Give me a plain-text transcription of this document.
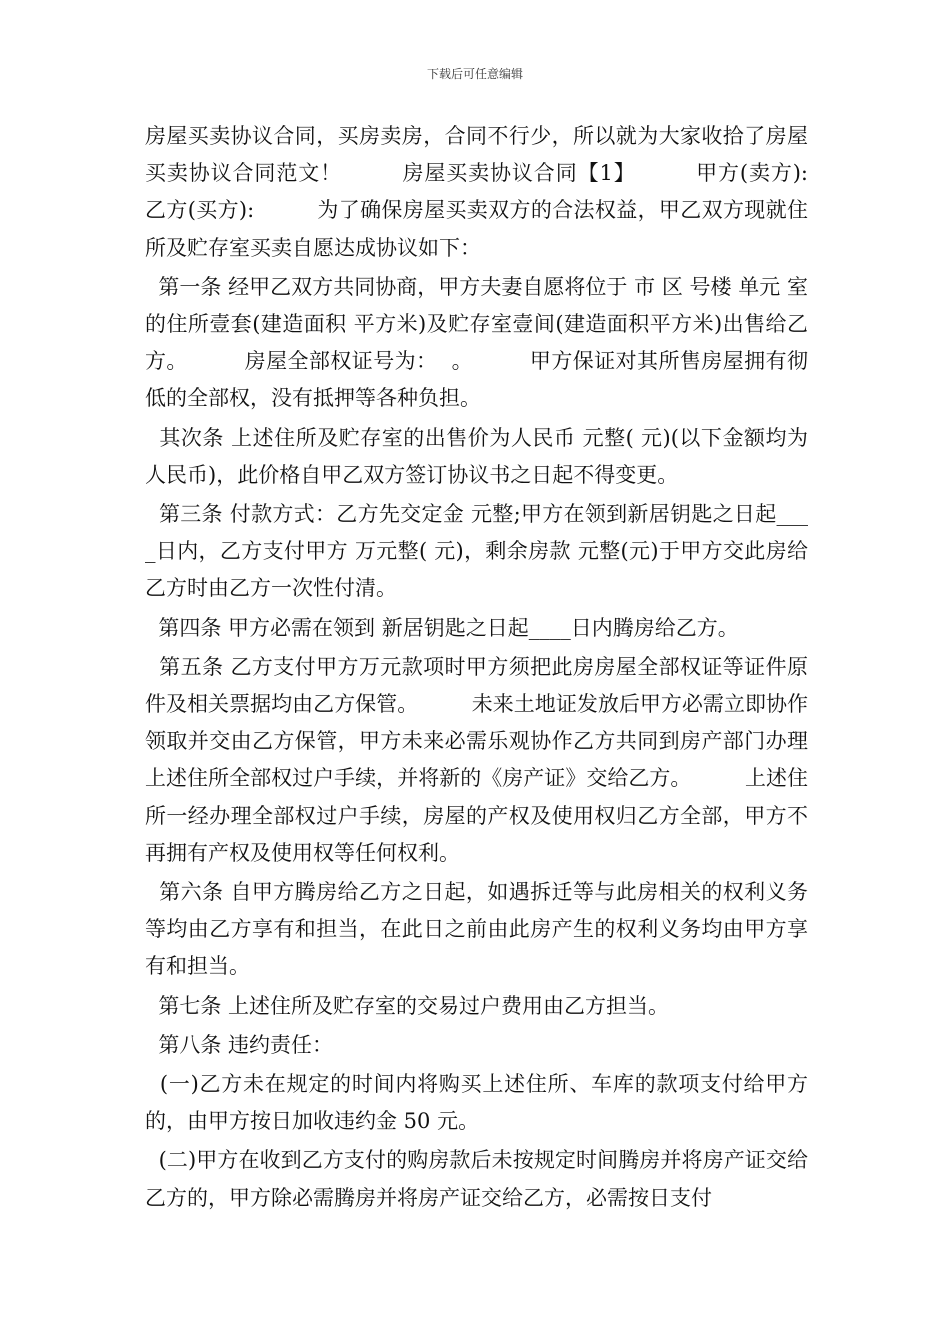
下载后可任意编辑

房屋买卖协议合同，买房卖房，合同不行少，所以就为大家收拾了房屋买卖协议合同范文！        房屋买卖协议合同【1】        甲方(卖方):         乙方(买方):         为了确保房屋买卖双方的合法权益，甲乙双方现就住所及贮存室买卖自愿达成协议如下：

第一条 经甲乙双方共同协商，甲方夫妻自愿将位于 市 区 号楼 单元 室的住所壹套(建造面积 平方米)及贮存室壹间(建造面积平方米)出售给乙方。        房屋全部权证号为：  。        甲方保证对其所售房屋拥有彻低的全部权，没有抵押等各种负担。

其次条 上述住所及贮存室的出售价为人民币 元整( 元)(以下金额均为人民币)，此价格自甲乙双方签订协议书之日起不得变更。

第三条 付款方式：乙方先交定金 元整;甲方在领到新居钥匙之日起____日内，乙方支付甲方 万元整( 元)，剩余房款 元整(元)于甲方交此房给乙方时由乙方一次性付清。

第四条 甲方必需在领到 新居钥匙之日起____日内腾房给乙方。

第五条 乙方支付甲方万元款项时甲方须把此房房屋全部权证等证件原件及相关票据均由乙方保管。        未来土地证发放后甲方必需立即协作领取并交由乙方保管，甲方未来必需乐观协作乙方共同到房产部门办理上述住所全部权过户手续，并将新的《房产证》交给乙方。        上述住所一经办理全部权过户手续，房屋的产权及使用权归乙方全部，甲方不再拥有产权及使用权等任何权利。

第六条 自甲方腾房给乙方之日起，如遇拆迁等与此房相关的权利义务等均由乙方享有和担当，在此日之前由此房产生的权利义务均由甲方享有和担当。

第七条 上述住所及贮存室的交易过户费用由乙方担当。

第八条 违约责任：

(一)乙方未在规定的时间内将购买上述住所、车库的款项支付给甲方的，由甲方按日加收违约金 50 元。

(二)甲方在收到乙方支付的购房款后未按规定时间腾房并将房产证交给乙方的，甲方除必需腾房并将房产证交给乙方，必需按日支付
